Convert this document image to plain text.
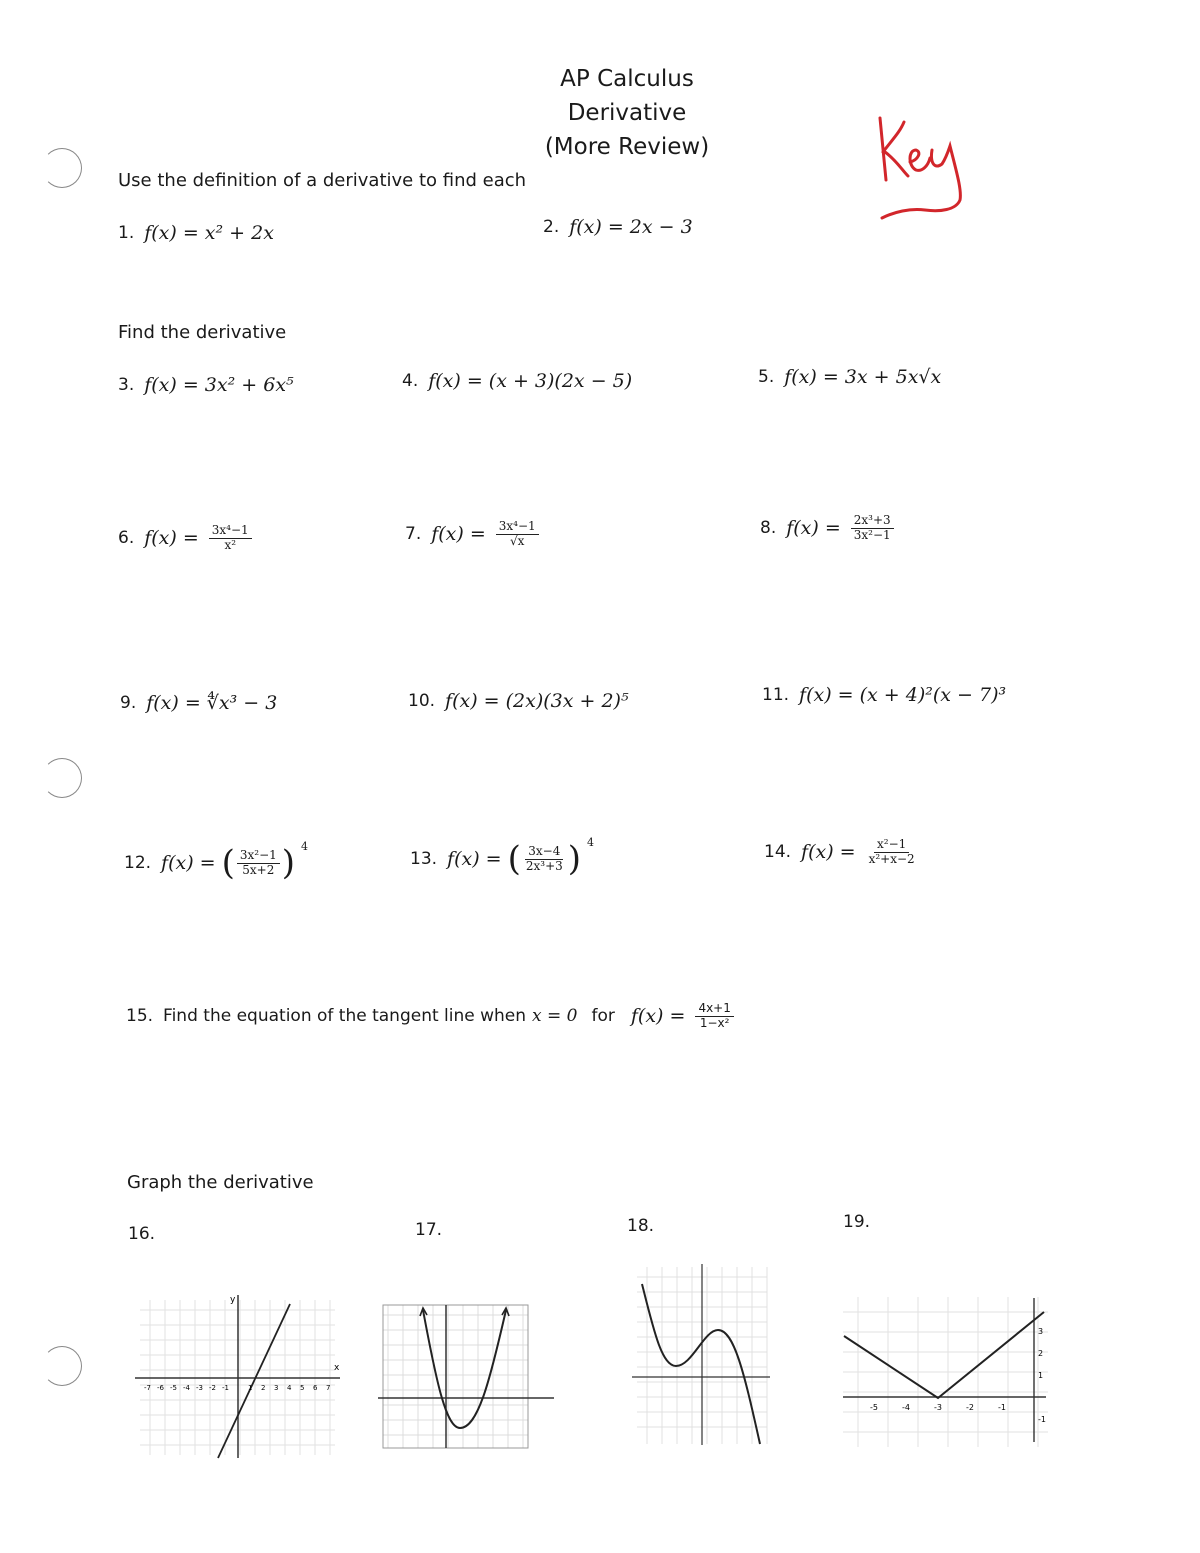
AP Calculus
Derivative
(More Review)
Use the definition of a derivative to find each
1. f(x) = x² + 2x	2. f(x) = 2x − 3
Find the derivative
3. f(x) = 3x² + 6x⁵	4. f(x) = (x + 3)(2x − 5)	5. f(x) = 3x + 5x√x
6. $f(x) = \frac{\text{3x⁴−1}}{\text{x²}}$	7. $f(x) = \frac{\text{3x⁴−1}}{√x}$	8. $f(x) = \frac{\text{2x³+3}}{\text{3x²−1}}$
9. f(x) = ∜x³ − 3	10. f(x) = (2x)(3x + 2)⁵	11. f(x) = (x + 4)²(x − 7)³
12. f(x) = ( $\frac{\text{3x²−1}}{5x+2}$ ) 4
13. f(x) = ( $\frac{3x-4}{\text{2x³+3}}$ ) 4	14. $f(x) = \frac{\text{x²−1}}{\text{x²+x−2}}$
15. Find the equation of the tangent line when x = 0 for $f(x) = \frac{4x+1}{\text{1−x²}}$
Graph the derivative
16.	17.	18.	19.
x
y
-7 -6 -5 -4 -3 -2 -1	1 2 3 4 5 6 7
-5	-4	-3	-2	-1
3
2
1
-1
